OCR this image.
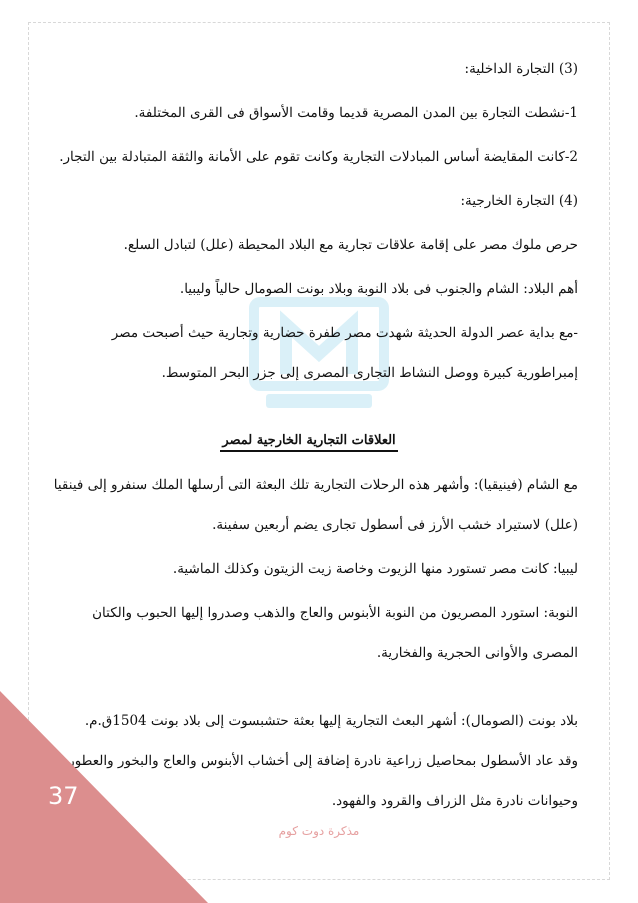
(3) التجارة الداخلية:

1-نشطت التجارة بين المدن المصرية قديما وقامت الأسواق فى القرى المختلفة.

2-كانت المقايضة أساس المبادلات التجارية وكانت تقوم على الأمانة والثقة المتبادلة بين التجار.

(4) التجارة الخارجية:

حرص ملوك مصر على إقامة علاقات تجارية مع البلاد المحيطة (علل) لتبادل السلع.

أهم البلاد: الشام والجنوب فى بلاد النوبة وبلاد بونت الصومال حالياً وليبيا.

-مع بداية عصر الدولة الحديثة شهدت مصر طفرة حضارية وتجارية حيث أصبحت مصر

إمبراطورية كبيرة ووصل النشاط التجارى المصرى إلى جزر البحر المتوسط.

العلاقات التجارية الخارجية لمصر

مع الشام (فينيقيا): وأشهر هذه الرحلات التجارية تلك البعثة التى أرسلها الملك سنفرو إلى فينقيا

(علل) لاستيراد خشب الأرز فى أسطول تجارى يضم أربعين سفينة.

ليبيا: كانت مصر تستورد منها الزيوت وخاصة زيت الزيتون وكذلك الماشية.

النوبة: استورد المصريون من النوبة الأبنوس والعاج والذهب وصدروا إليها الحبوب والكتان

المصرى والأوانى الحجرية والفخارية.

بلاد بونت (الصومال): أشهر البعث التجارية إليها بعثة حتشبسوت إلى بلاد بونت 1504ق.م.

وقد عاد الأسطول بمحاصيل زراعية نادرة إضافة إلى أخشاب الأبنوس والعاج والبخور والعطور

وحيوانات نادرة مثل الزراف والقرود والفهود.

37
مذكرة دوت كوم
